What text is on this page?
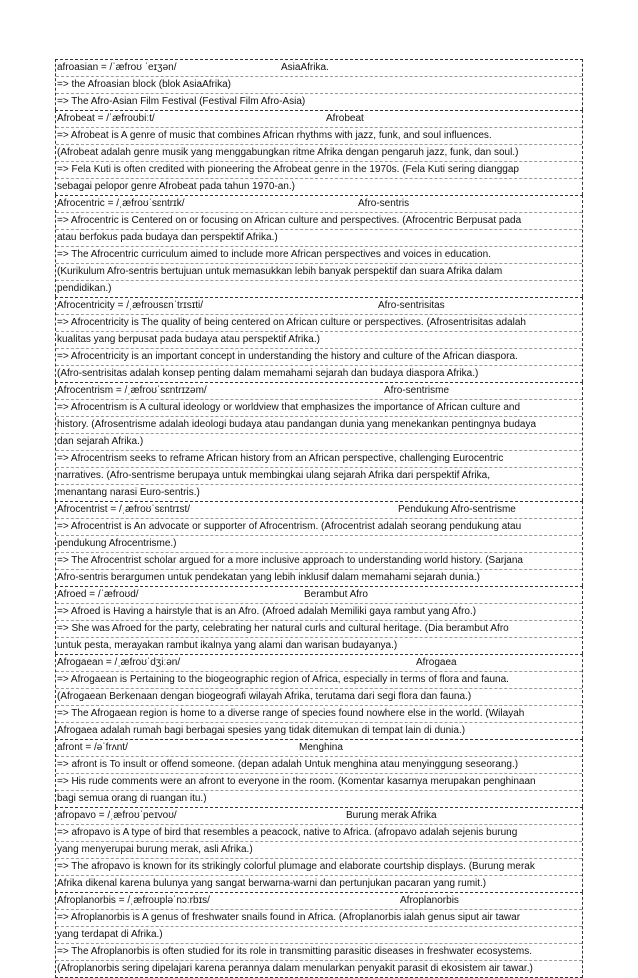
afroasian = /ˈæfroʊ ˈeɪʒən/	AsiaAfrika.
=> the Afroasian block (blok AsiaAfrika)
=> The Afro-Asian Film Festival (Festival Film Afro-Asia)
Afrobeat = /ˈæfroʊbiːt/	Afrobeat
=> Afrobeat is A genre of music that combines African rhythms with jazz, funk, and soul influences.
(Afrobeat adalah genre musik yang menggabungkan ritme Afrika dengan pengaruh jazz, funk, dan soul.)
=> Fela Kuti is often credited with pioneering the Afrobeat genre in the 1970s. (Fela Kuti sering dianggap
sebagai pelopor genre Afrobeat pada tahun 1970-an.)
Afrocentric = /ˌæfroʊˈsɛntrɪk/	Afro-sentris
=> Afrocentric is Centered on or focusing on African culture and perspectives. (Afrocentric Berpusat pada
atau berfokus pada budaya dan perspektif Afrika.)
=> The Afrocentric curriculum aimed to include more African perspectives and voices in education.
(Kurikulum Afro-sentris bertujuan untuk memasukkan lebih banyak perspektif dan suara Afrika dalam
pendidikan.)
Afrocentricity = /ˌæfroʊsɛnˈtrɪsɪti/	Afro-sentrisitas
=> Afrocentricity is The quality of being centered on African culture or perspectives. (Afrosentrisitas adalah
kualitas yang berpusat pada budaya atau perspektif Afrika.)
=> Afrocentricity is an important concept in understanding the history and culture of the African diaspora.
(Afro-sentrisitas adalah konsep penting dalam memahami sejarah dan budaya diaspora Afrika.)
Afrocentrism = /ˌæfroʊˈsɛntrɪzəm/	Afro-sentrisme
=> Afrocentrism is A cultural ideology or worldview that emphasizes the importance of African culture and
history. (Afrosentrisme adalah ideologi budaya atau pandangan dunia yang menekankan pentingnya budaya
dan sejarah Afrika.)
=> Afrocentrism seeks to reframe African history from an African perspective, challenging Eurocentric
narratives. (Afro-sentrisme berupaya untuk membingkai ulang sejarah Afrika dari perspektif Afrika,
menantang narasi Euro-sentris.)
Afrocentrist = /ˌæfroʊˈsɛntrɪst/	Pendukung Afro-sentrisme
=> Afrocentrist is An advocate or supporter of Afrocentrism. (Afrocentrist adalah seorang pendukung atau
pendukung Afrocentrisme.)
=> The Afrocentrist scholar argued for a more inclusive approach to understanding world history. (Sarjana
Afro-sentris berargumen untuk pendekatan yang lebih inklusif dalam memahami sejarah dunia.)
Afroed = /ˈæfroʊd/	Berambut Afro
=> Afroed is Having a hairstyle that is an Afro. (Afroed adalah Memiliki gaya rambut yang Afro.)
=> She was Afroed for the party, celebrating her natural curls and cultural heritage. (Dia berambut Afro
untuk pesta, merayakan rambut ikalnya yang alami dan warisan budayanya.)
Afrogaean = /ˌæfroʊˈdʒiːən/	Afrogaea
=> Afrogaean is Pertaining to the biogeographic region of Africa, especially in terms of flora and fauna.
(Afrogaean Berkenaan dengan biogeografi wilayah Afrika, terutama dari segi flora dan fauna.)
=> The Afrogaean region is home to a diverse range of species found nowhere else in the world. (Wilayah
Afrogaea adalah rumah bagi berbagai spesies yang tidak ditemukan di tempat lain di dunia.)
afront = /əˈfrʌnt/	Menghina
=> afront is To insult or offend someone. (depan adalah Untuk menghina atau menyinggung seseorang.)
=> His rude comments were an afront to everyone in the room. (Komentar kasarnya merupakan penghinaan
bagi semua orang di ruangan itu.)
afropavo = /ˌæfroʊˈpeɪvoʊ/	Burung merak Afrika
=> afropavo is A type of bird that resembles a peacock, native to Africa. (afropavo adalah sejenis burung
yang menyerupai burung merak, asli Afrika.)
=> The afropavo is known for its strikingly colorful plumage and elaborate courtship displays. (Burung merak
Afrika dikenal karena bulunya yang sangat berwarna-warni dan pertunjukan pacaran yang rumit.)
Afroplanorbis = /ˌæfroʊpləˈnɔːrbɪs/	Afroplanorbis
=> Afroplanorbis is A genus of freshwater snails found in Africa. (Afroplanorbis ialah genus siput air tawar
yang terdapat di Afrika.)
=> The Afroplanorbis is often studied for its role in transmitting parasitic diseases in freshwater ecosystems.
(Afroplanorbis sering dipelajari karena perannya dalam menularkan penyakit parasit di ekosistem air tawar.)
